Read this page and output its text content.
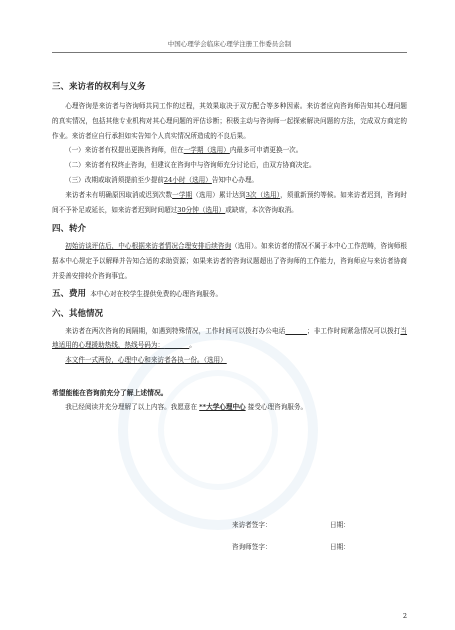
中国心理学会临床心理学注册工作委员会制
三、来访者的权利与义务

心理咨询是来访者与咨询师共同工作的过程，其效果取决于双方配合等多种因素。来访者应向咨询师告知其心理问题的真实情况，包括其他专业机构对其心理问题的评估诊断；积极主动与咨询师一起探索解决问题的方法，完成双方商定的作业。来访者应自行承担如实告知个人真实情况所造成的不良后果。

（一）来访者有权提出更换咨询师，但在一学期（选用）内最多可申请更换一次。

（二）来访者有权终止咨询，但建议在咨询中与咨询师充分讨论后，由双方协商决定。

（三）改期或取消须提前至少提前24小时（选用）告知中心办理。

来访者未有明确原因取消或迟到次数一学期（选用）累计达到3次（选用），须重新预约等候。如来访者迟到，咨询时间不予补足或延长，如来访者迟到时间超过30分钟（选用）或缺席，本次咨询取消。

四、转介

初始访谈评估后，中心根据来访者情况合理安排后续咨询（选用）。如来访者的情况不属于本中心工作范畴，咨询师根据本中心规定予以解释并告知合适的求助资源；如果来访者的咨询议题超出了咨询师的工作能力，咨询师应与来访者协商并妥善安排转介咨询事宜。

五、费用 本中心对在校学生提供免费的心理咨询服务。

六、其他情况

来访者在两次咨询的间隔期，如遇到特殊情况，工作时间可以拨打办公电话	；非工作时间紧急情况可以拨打当地适用的心理援助热线，热线号码为：	。

本文件一式两份，心理中心和来访者各执一份。（选用）

希望能能在咨询前充分了解上述情况。

我已经阅读并充分理解了以上内容。我愿意在 **大学心理中心 接受心理咨询服务。

来访者签字：	日期：
咨询师签字：	日期：
2
